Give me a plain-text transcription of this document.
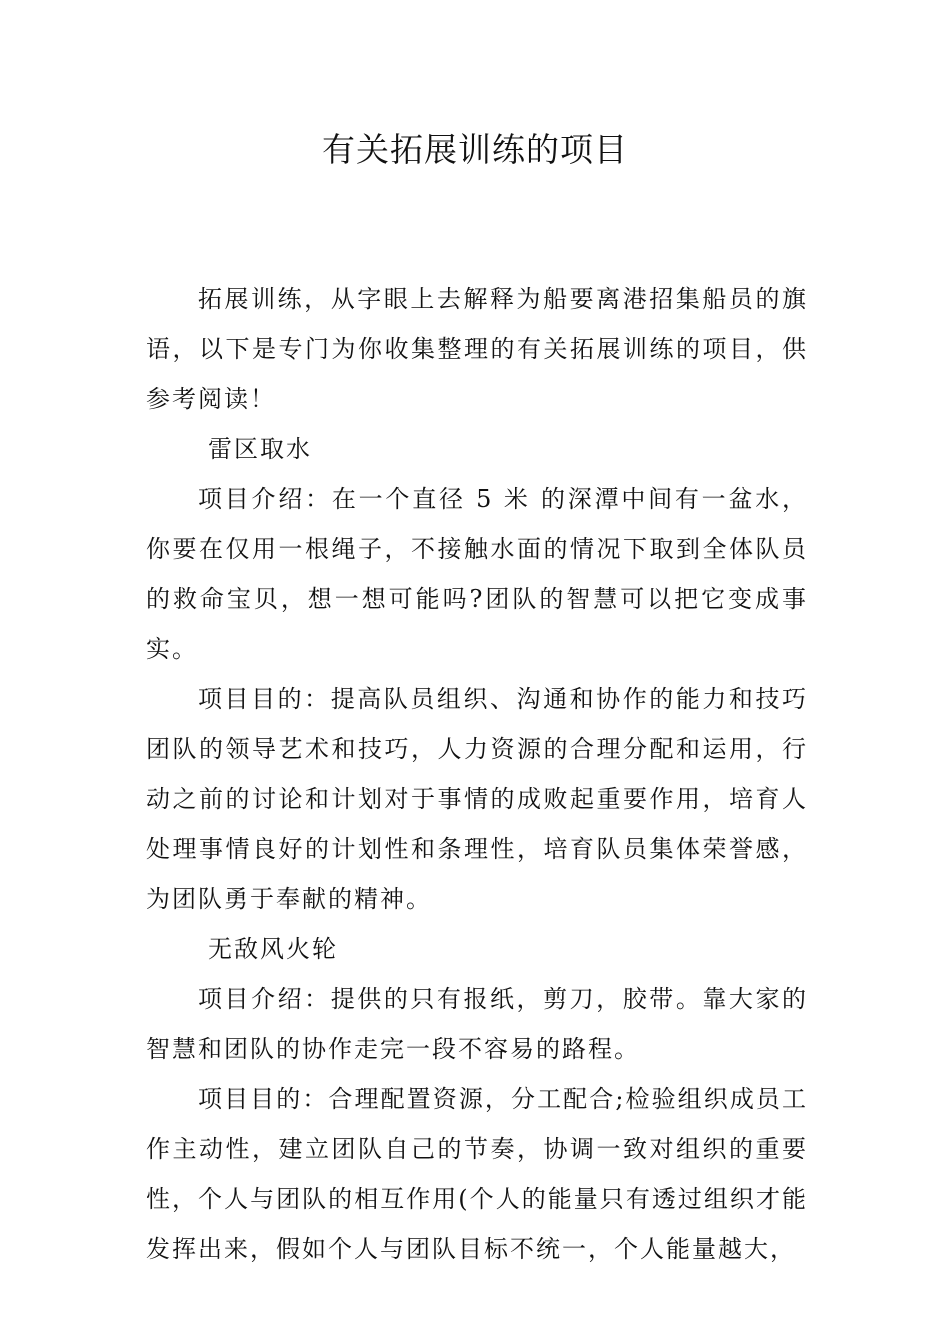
有关拓展训练的项目

拓展训练，从字眼上去解释为船要离港招集船员的旗语，以下是专门为你收集整理的有关拓展训练的项目，供参考阅读！

雷区取水

项目介绍：在一个直径 5 米 的深潭中间有一盆水，你要在仅用一根绳子，不接触水面的情况下取到全体队员的救命宝贝，想一想可能吗?团队的智慧可以把它变成事实。

项目目的：提高队员组织、沟通和协作的能力和技巧团队的领导艺术和技巧，人力资源的合理分配和运用，行动之前的讨论和计划对于事情的成败起重要作用，培育人处理事情良好的计划性和条理性，培育队员集体荣誉感，为团队勇于奉献的精神。

无敌风火轮

项目介绍：提供的只有报纸，剪刀，胶带。靠大家的智慧和团队的协作走完一段不容易的路程。

项目目的：合理配置资源，分工配合;检验组织成员工作主动性，建立团队自己的节奏，协调一致对组织的重要性，个人与团队的相互作用(个人的能量只有透过组织才能发挥出来，假如个人与团队目标不统一，个人能量越大，
